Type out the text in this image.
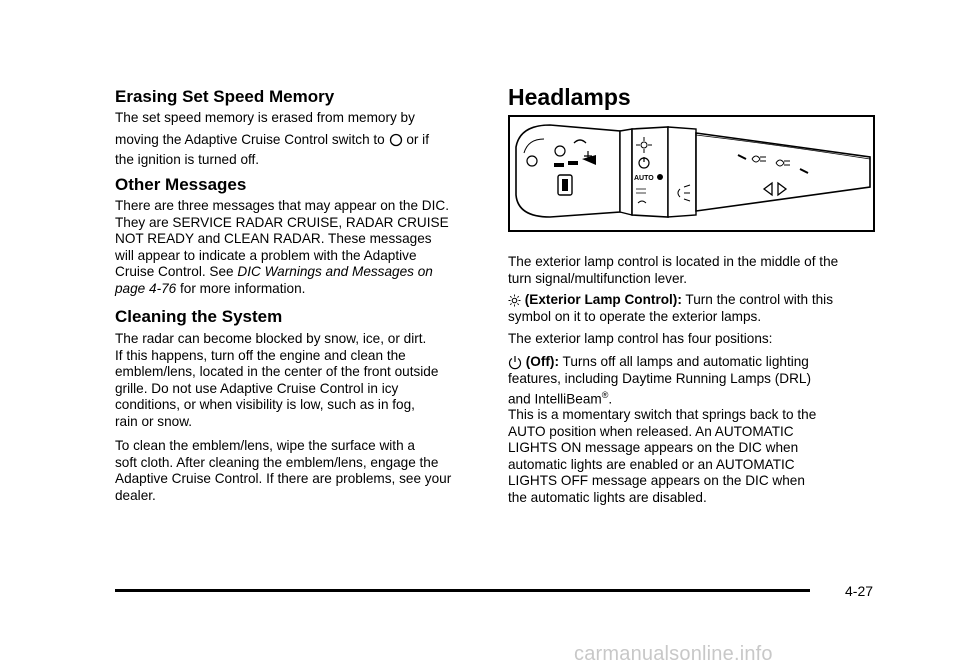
Erasing Set Speed Memory

The set speed memory is erased from memory by
moving the Adaptive Cruise Control switch to or if
the ignition is turned off.

Other Messages

There are three messages that may appear on the DIC.
They are SERVICE RADAR CRUISE, RADAR CRUISE
NOT READY and CLEAN RADAR. These messages
will appear to indicate a problem with the Adaptive
Cruise Control. See DIC Warnings and Messages on
page 4-76 for more information.

Cleaning the System

The radar can become blocked by snow, ice, or dirt.
If this happens, turn off the engine and clean the
emblem/lens, located in the center of the front outside
grille. Do not use Adaptive Cruise Control in icy
conditions, or when visibility is low, such as in fog,
rain or snow.

To clean the emblem/lens, wipe the surface with a
soft cloth. After cleaning the emblem/lens, engage the
Adaptive Cruise Control. If there are problems, see your
dealer.

Headlamps
AUTO

The exterior lamp control is located in the middle of the
turn signal/multifunction lever.

(Exterior Lamp Control): Turn the control with this
symbol on it to operate the exterior lamps.

The exterior lamp control has four positions:

(Off): Turns off all lamps and automatic lighting
features, including Daytime Running Lamps (DRL)
and IntelliBeam®.

This is a momentary switch that springs back to the
AUTO position when released. An AUTOMATIC
LIGHTS ON message appears on the DIC when
automatic lights are enabled or an AUTOMATIC
LIGHTS OFF message appears on the DIC when
the automatic lights are disabled.

4-27
carmanualsonline.info
